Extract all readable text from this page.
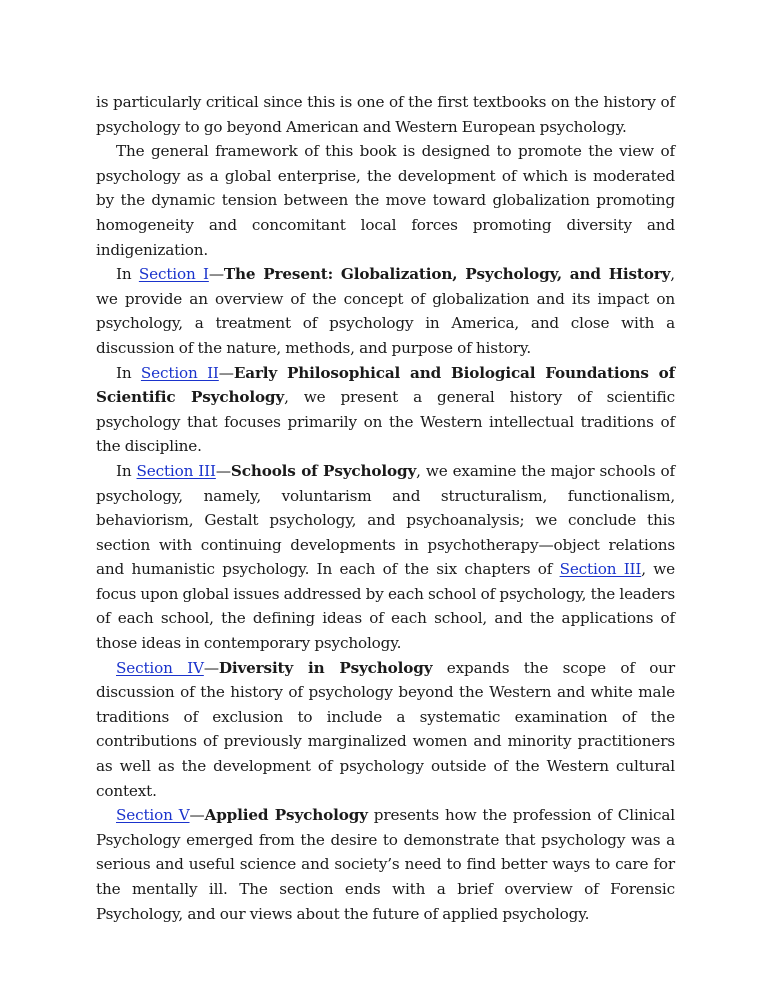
is particularly critical since this is one of the first textbooks on the history of psychology to go beyond American and Western European psychology.

The general framework of this book is designed to promote the view of psychology as a global enterprise, the development of which is moderated by the dynamic tension between the move toward globalization promoting homogeneity and concomitant local forces promoting diversity and indigenization.

In Section I—The Present: Globalization, Psychology, and History, we provide an overview of the concept of globalization and its impact on psychology, a treatment of psychology in America, and close with a discussion of the nature, methods, and purpose of history.

In Section II—Early Philosophical and Biological Foundations of Scientific Psychology, we present a general history of scientific psychology that focuses primarily on the Western intellectual traditions of the discipline.

In Section III—Schools of Psychology, we examine the major schools of psychology, namely, voluntarism and structuralism, functionalism, behaviorism, Gestalt psychology, and psychoanalysis; we conclude this section with continuing developments in psychotherapy—object relations and humanistic psychology. In each of the six chapters of Section III, we focus upon global issues addressed by each school of psychology, the leaders of each school, the defining ideas of each school, and the applications of those ideas in contemporary psychology.

Section IV—Diversity in Psychology expands the scope of our discussion of the history of psychology beyond the Western and white male traditions of exclusion to include a systematic examination of the contributions of previously marginalized women and minority practitioners as well as the development of psychology outside of the Western cultural context.

Section V—Applied Psychology presents how the profession of Clinical Psychology emerged from the desire to demonstrate that psychology was a serious and useful science and society’s need to find better ways to care for the mentally ill. The section ends with a brief overview of Forensic Psychology, and our views about the future of applied psychology.
